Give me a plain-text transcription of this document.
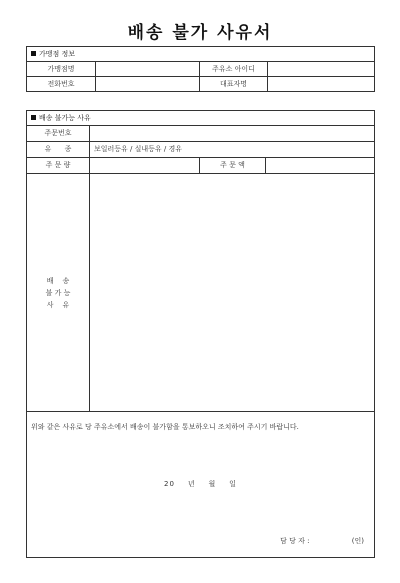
배송 불가 사유서
가맹점 정보
가맹점명	주유소 아이디
전화번호	대표자명
배송 불가능 사유
주문번호
유      종	보일러등유 / 실내등유 / 경유
주 문 량	주 문 액
배    송
불 가 능
사    유
위와 같은 사유로 당 주유소에서 배송이 불가함을 통보하오니 조치하여 주시기 바랍니다.
20    년    월    일
담 당 자 :                   (인)
